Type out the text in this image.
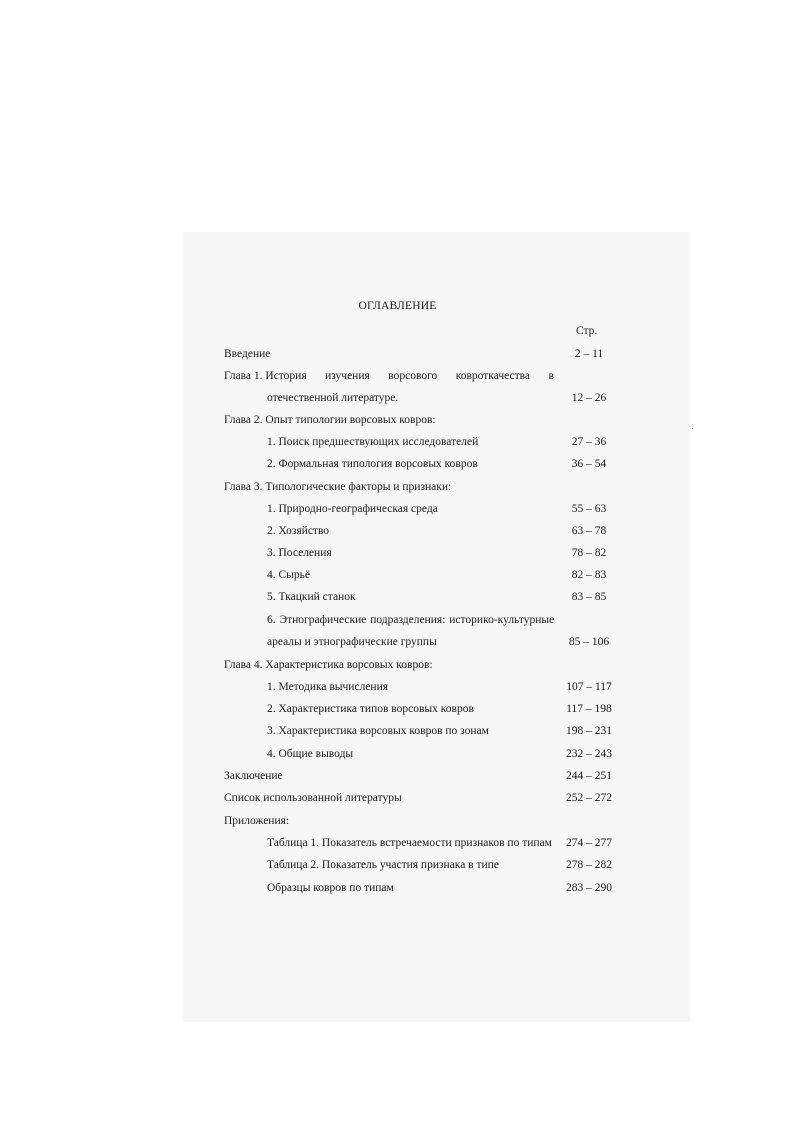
ОГЛАВЛЕНИЕ
Стр.
Введение	2 – 11
Глава 1. История изучения ворсового ковроткачества в
отечественной литературе.	12 – 26
Глава 2. Опыт типологии ворсовых ковров:
1. Поиск предшествующих исследователей	27 – 36
2. Формальная типология ворсовых ковров	36 – 54
Глава 3. Типологические факторы и признаки:
1. Природно-географическая среда	55 – 63
2. Хозяйство	63 – 78
3. Поселения	78 – 82
4. Сырьё	82 – 83
5. Ткацкий станок	83 – 85
6. Этнографические подразделения: историко-культурные
ареалы и этнографические группы	85 – 106
Глава 4. Характеристика ворсовых ковров:
1. Методика вычисления	107 – 117
2. Характеристика типов ворсовых ковров	117 – 198
3. Характеристика ворсовых ковров по зонам	198 – 231
4. Общие выводы	232 – 243
Заключение	244 – 251
Список использованной литературы	252 – 272
Приложения:
Таблица 1. Показатель встречаемости признаков по типам	274 – 277
Таблица 2. Показатель участия признака в типе	278 – 282
Образцы ковров по типам	283 – 290
